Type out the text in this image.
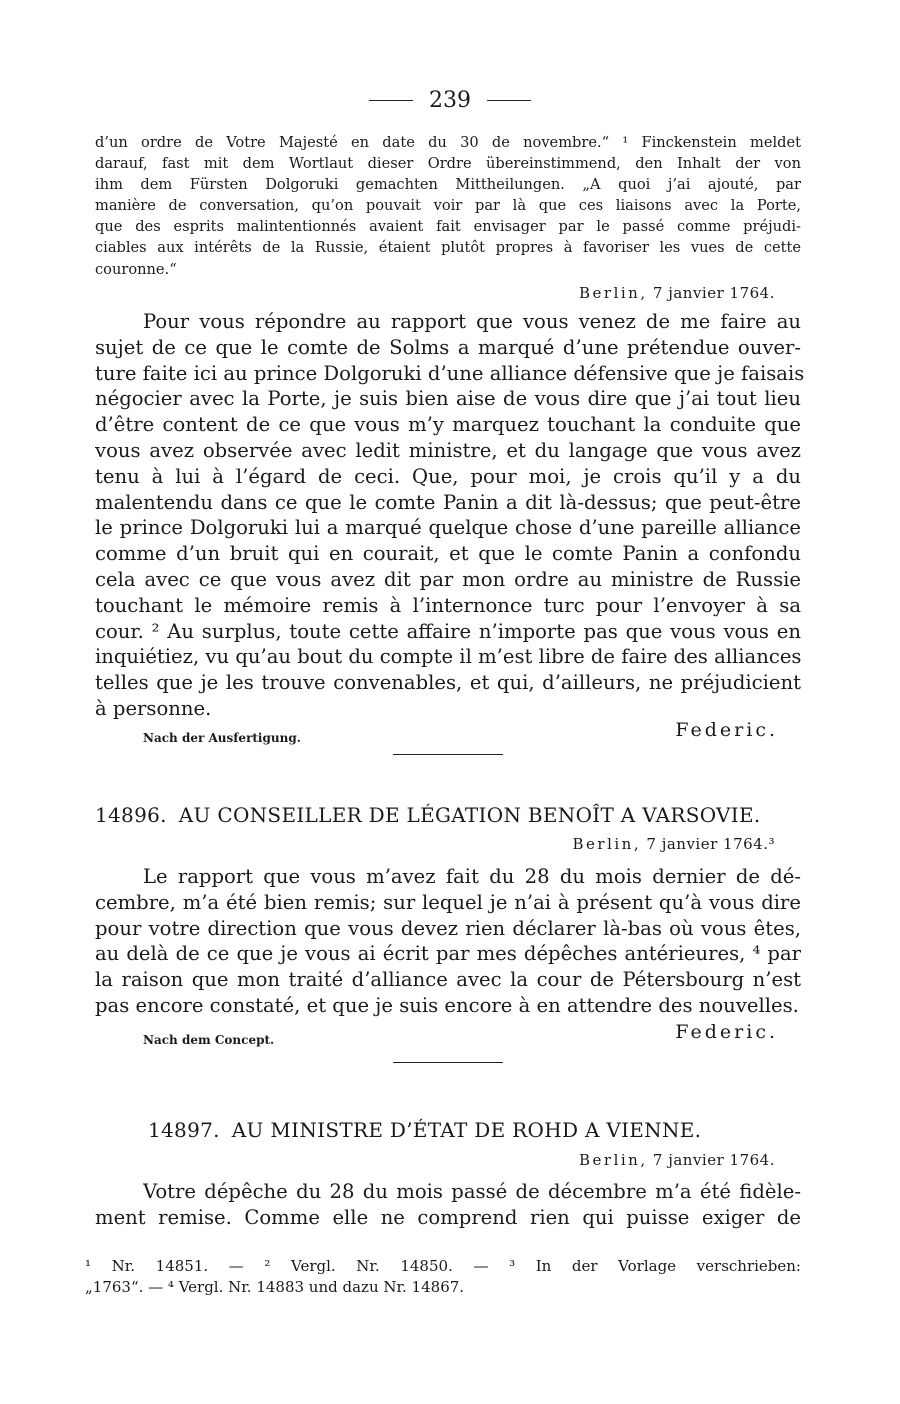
239
d’un ordre de Votre Majesté en date du 30 de novembre.“ ¹ Finckenstein meldet
darauf, fast mit dem Wortlaut dieser Ordre übereinstimmend, den Inhalt der von
ihm dem Fürsten Dolgoruki gemachten Mittheilungen. „A quoi j’ai ajouté, par
manière de conversation, qu’on pouvait voir par là que ces liaisons avec la Porte,
que des esprits malintentionnés avaient fait envisager par le passé comme préjudi-
ciables aux intérêts de la Russie, étaient plutôt propres à favoriser les vues de cette
couronne.“
Berlin, 7 janvier 1764.
Pour vous répondre au rapport que vous venez de me faire au
sujet de ce que le comte de Solms a marqué d’une prétendue ouver-
ture faite ici au prince Dolgoruki d’une alliance défensive que je faisais
négocier avec la Porte, je suis bien aise de vous dire que j’ai tout lieu
d’être content de ce que vous m’y marquez touchant la conduite que
vous avez observée avec ledit ministre, et du langage que vous avez
tenu à lui à l’égard de ceci. Que, pour moi, je crois qu’il y a du
malentendu dans ce que le comte Panin a dit là-dessus; que peut-être
le prince Dolgoruki lui a marqué quelque chose d’une pareille alliance
comme d’un bruit qui en courait, et que le comte Panin a confondu
cela avec ce que vous avez dit par mon ordre au ministre de Russie
touchant le mémoire remis à l’internonce turc pour l’envoyer à sa
cour. ² Au surplus, toute cette affaire n’importe pas que vous vous en
inquiétiez, vu qu’au bout du compte il m’est libre de faire des alliances
telles que je les trouve convenables, et qui, d’ailleurs, ne préjudicient
à personne.
Nach der Ausfertigung.	Federic.
14896. AU CONSEILLER DE LÉGATION BENOÎT A VARSOVIE.
Berlin, 7 janvier 1764.³
Le rapport que vous m’avez fait du 28 du mois dernier de dé-
cembre, m’a été bien remis; sur lequel je n’ai à présent qu’à vous dire
pour votre direction que vous devez rien déclarer là-bas où vous êtes,
au delà de ce que je vous ai écrit par mes dépêches antérieures, ⁴ par
la raison que mon traité d’alliance avec la cour de Pétersbourg n’est
pas encore constaté, et que je suis encore à en attendre des nouvelles.
Nach dem Concept.	Federic.
14897. AU MINISTRE D’ÉTAT DE ROHD A VIENNE.
Berlin, 7 janvier 1764.
Votre dépêche du 28 du mois passé de décembre m’a été fidèle-
ment remise. Comme elle ne comprend rien qui puisse exiger de
¹ Nr. 14851. — ² Vergl. Nr. 14850. — ³ In der Vorlage verschrieben:
„1763“. — ⁴ Vergl. Nr. 14883 und dazu Nr. 14867.
